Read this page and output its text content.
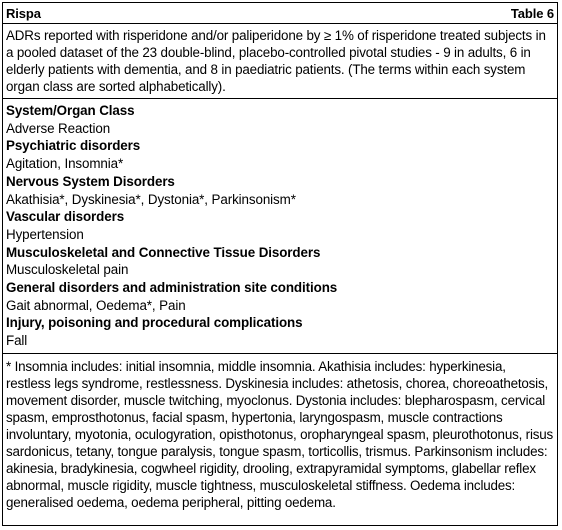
Rispa	Table 6
ADRs reported with risperidone and/or paliperidone by ≥ 1% of risperidone treated subjects in a pooled dataset of the 23 double-blind, placebo-controlled pivotal studies - 9 in adults, 6 in elderly patients with dementia, and 8 in paediatric patients. (The terms within each system organ class are sorted alphabetically).
System/Organ Class
Adverse Reaction
Psychiatric disorders
Agitation, Insomnia*
Nervous System Disorders
Akathisia*, Dyskinesia*, Dystonia*, Parkinsonism*
Vascular disorders
Hypertension
Musculoskeletal and Connective Tissue Disorders
Musculoskeletal pain
General disorders and administration site conditions
Gait abnormal, Oedema*, Pain
Injury, poisoning and procedural complications
Fall
* Insomnia includes: initial insomnia, middle insomnia. Akathisia includes: hyperkinesia, restless legs syndrome, restlessness. Dyskinesia includes: athetosis, chorea, choreoathetosis, movement disorder, muscle twitching, myoclonus. Dystonia includes: blepharospasm, cervical spasm, emprosthotonus, facial spasm, hypertonia, laryngospasm, muscle contractions involuntary, myotonia, oculogyration, opisthotonus, oropharyngeal spasm, pleurothotonus, risus sardonicus, tetany, tongue paralysis, tongue spasm, torticollis, trismus. Parkinsonism includes: akinesia, bradykinesia, cogwheel rigidity, drooling, extrapyramidal symptoms, glabellar reflex abnormal, muscle rigidity, muscle tightness, musculoskeletal stiffness. Oedema includes: generalised oedema, oedema peripheral, pitting oedema.
